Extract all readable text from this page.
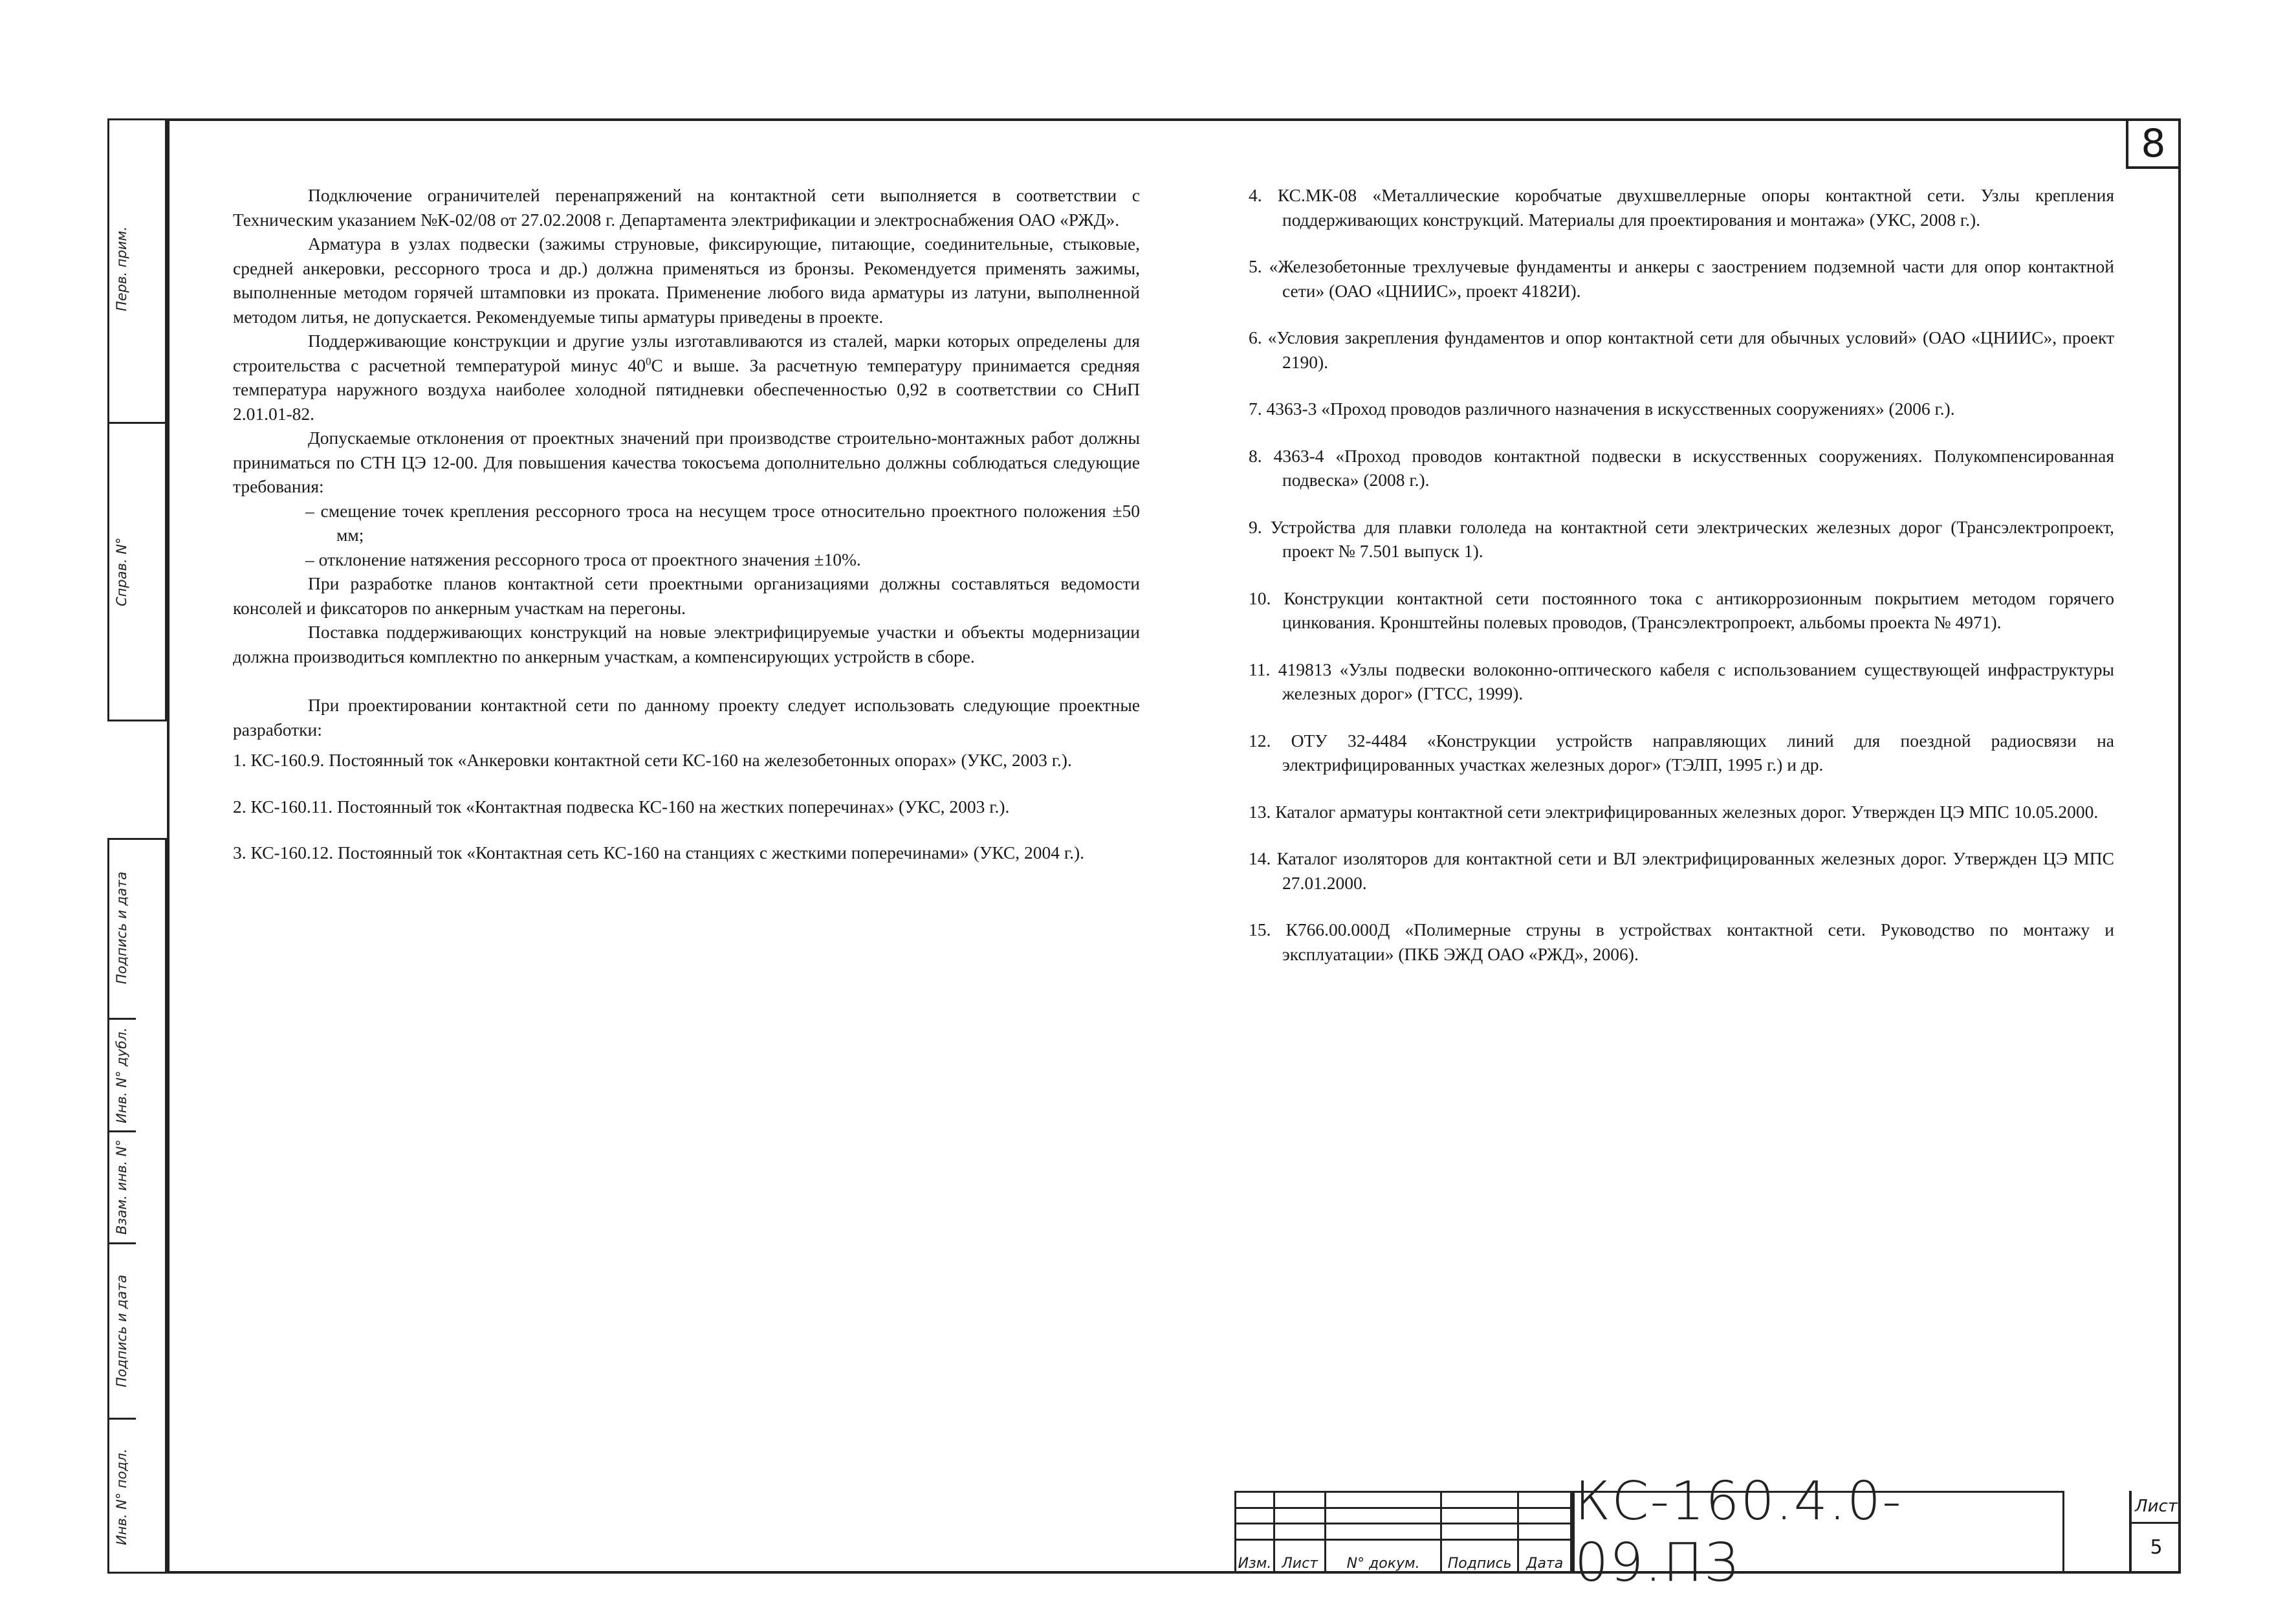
Перв. прим.
Справ. N°
Подпись и дата
Инв. N° дубл.
Взам. инв. N°
Подпись и дата
Инв. N° подл.
8

Подключение ограничителей перенапряжений на контактной сети выполняется в соответствии с Техническим указанием №К-02/08 от 27.02.2008 г. Департамента электрификации и электроснабжения ОАО «РЖД».

Арматура в узлах подвески (зажимы струновые, фиксирующие, питающие, соединительные, стыковые, средней анкеровки, рессорного троса и др.) должна применяться из бронзы. Рекомендуется применять зажимы, выполненные методом горячей штамповки из проката. Применение любого вида арматуры из латуни, выполненной методом литья, не допускается. Рекомендуемые типы арматуры приведены в проекте.

Поддерживающие конструкции и другие узлы изготавливаются из сталей, марки которых определены для строительства с расчетной температурой минус $40^0С$ и выше. За расчетную температуру принимается средняя температура наружного воздуха наиболее холодной пятидневки обеспеченностью 0,92 в соответствии со СНиП 2.01.01-82.

Допускаемые отклонения от проектных значений при производстве строительно-монтажных работ должны приниматься по СТН ЦЭ 12-00. Для повышения качества токосъема дополнительно должны соблюдаться следующие требования:

– смещение точек крепления рессорного троса на несущем тросе относительно проектного положения ±50 мм;

– отклонение натяжения рессорного троса от проектного значения ±10%.

При разработке планов контактной сети проектными организациями должны составляться ведомости консолей и фиксаторов по анкерным участкам на перегоны.

Поставка поддерживающих конструкций на новые электрифицируемые участки и объекты модернизации должна производиться комплектно по анкерным участкам, а компенсирующих устройств в сборе.

При проектировании контактной сети по данному проекту следует использовать следующие проектные разработки:

1. КС-160.9. Постоянный ток «Анкеровки контактной сети КС-160 на железобетонных опорах» (УКС, 2003 г.).

2. КС-160.11. Постоянный ток «Контактная подвеска КС-160 на жестких поперечинах» (УКС, 2003 г.).

3. КС-160.12. Постоянный ток «Контактная сеть КС-160 на станциях с жесткими поперечинами» (УКС, 2004 г.).

4. КС.МК-08 «Металлические коробчатые двухшвеллерные опоры контактной сети. Узлы крепления поддерживающих конструкций. Материалы для проектирования и монтажа» (УКС, 2008 г.).

5. «Железобетонные трехлучевые фундаменты и анкеры с заострением подземной части для опор контактной сети» (ОАО «ЦНИИС», проект 4182И).

6. «Условия закрепления фундаментов и опор контактной сети для обычных условий» (ОАО «ЦНИИС», проект 2190).

7. 4363-3 «Проход проводов различного назначения в искусственных сооружениях» (2006 г.).

8. 4363-4 «Проход проводов контактной подвески в искусственных сооружениях. Полукомпенсированная подвеска» (2008 г.).

9. Устройства для плавки гололеда на контактной сети электрических железных дорог (Трансэлектропроект, проект № 7.501 выпуск 1).

10. Конструкции контактной сети постоянного тока с антикоррозионным покрытием методом горячего цинкования. Кронштейны полевых проводов, (Трансэлектропроект, альбомы проекта № 4971).

11. 419813 «Узлы подвески волоконно-оптического кабеля с использованием существующей инфраструктуры железных дорог» (ГТСС, 1999).

12. ОТУ 32-4484 «Конструкции устройств направляющих линий для поездной радиосвязи на электрифицированных участках железных дорог» (ТЭЛП, 1995 г.) и др.

13. Каталог арматуры контактной сети электрифицированных железных дорог. Утвержден ЦЭ МПС 10.05.2000.

14. Каталог изоляторов для контактной сети и ВЛ электрифицированных железных дорог. Утвержден ЦЭ МПС 27.01.2000.

15. К766.00.000Д «Полимерные струны в устройствах контактной сети. Руководство по монтажу и эксплуатации» (ПКБ ЭЖД ОАО «РЖД», 2006).

Изм.	Лист	N° докум.	Подпись	Дата
КС-160.4.0-09.ПЗ
Лист
5
